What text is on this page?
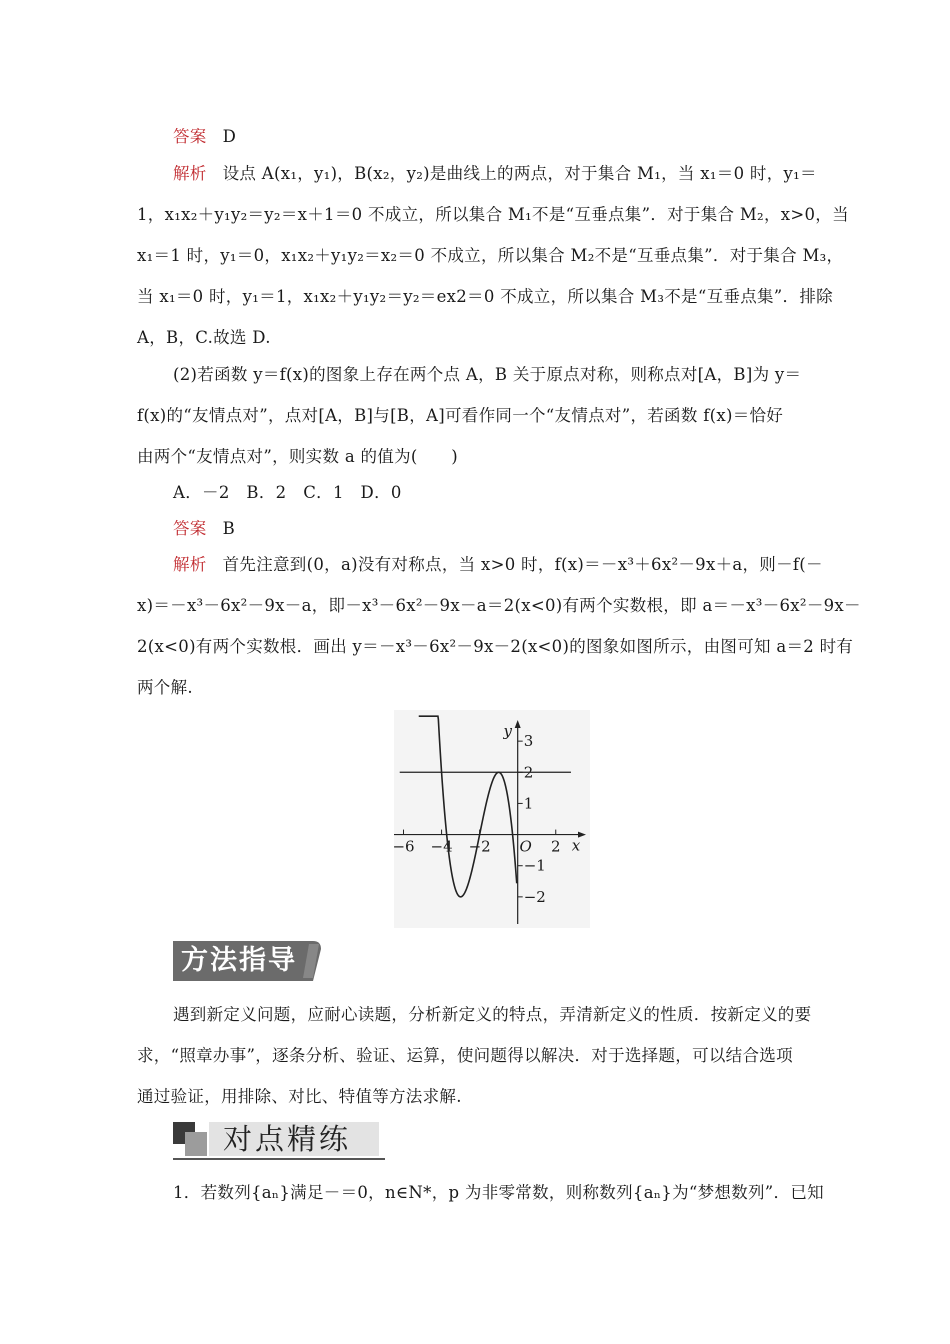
答案 D
解析 设点 A(x₁，y₁)，B(x₂，y₂)是曲线上的两点，对于集合 M₁，当 x₁＝0 时，y₁＝
1，x₁x₂＋y₁y₂＝y₂＝x＋1＝0 不成立，所以集合 M₁不是“互垂点集”．对于集合 M₂，x>0，当
x₁＝1 时，y₁＝0，x₁x₂＋y₁y₂＝x₂＝0 不成立，所以集合 M₂不是“互垂点集”．对于集合 M₃，
当 x₁＝0 时，y₁＝1，x₁x₂＋y₁y₂＝y₂＝ex2＝0 不成立，所以集合 M₃不是“互垂点集”．排除
A，B，C.故选 D.
(2)若函数 y＝f(x)的图象上存在两个点 A，B 关于原点对称，则称点对[A，B]为 y＝
f(x)的“友情点对”，点对[A，B]与[B，A]可看作同一个“友情点对”，若函数 f(x)＝恰好
由两个“友情点对”，则实数 a 的值为(　　)
A．－2　B．2　C．1　D．0
答案 B
解析 首先注意到(0，a)没有对称点，当 x>0 时，f(x)＝－x³＋6x²－9x＋a，则－f(－
x)＝－x³－6x²－9x－a，即－x³－6x²－9x－a＝2(x<0)有两个实数根，即 a＝－x³－6x²－9x－
2(x<0)有两个实数根．画出 y＝－x³－6x²－9x－2(x<0)的图象如图所示，由图可知 a＝2 时有
两个解.
−6 −4 −2	2
3
2
1
−1
−2
x
y
O
方法指导
遇到新定义问题，应耐心读题，分析新定义的特点，弄清新定义的性质．按新定义的要
求，“照章办事”，逐条分析、验证、运算，使问题得以解决．对于选择题，可以结合选项
通过验证，用排除、对比、特值等方法求解.
对点精练
1．若数列{aₙ}满足－＝0，n∈N*，p 为非零常数，则称数列{aₙ}为“梦想数列”．已知
